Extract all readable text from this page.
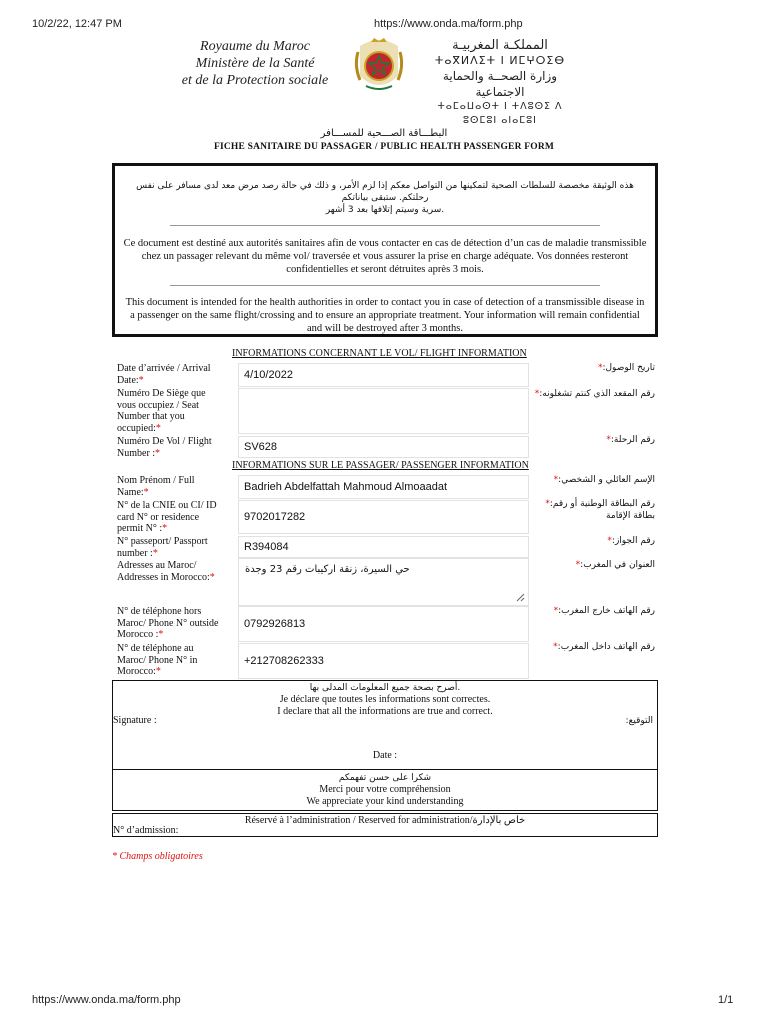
10/2/22, 12:47 PM	https://www.onda.ma/form.php
Royaume du Maroc
Ministère de la Santé
et de la Protection sociale
المملكـة المغربيـة
ⵜⴰⴳⵍⴷⵉⵜ ⵏ ⵍⵎⵖⵔⵉⴱ
وزارة الصحــة والحماية الاجتماعية
ⵜⴰⵎⴰⵡⴰⵙⵜ ⵏ ⵜⴷⵓⵙⵉ ⴷ ⵓⵙⵎⵓⵏ ⴰⵏⴰⵎⵓⵏ
البطـــاقة الصـــحية للمســـافر
FICHE SANITAIRE DU PASSAGER / PUBLIC HEALTH PASSENGER FORM

هذه الوثيقة مخصصة للسلطات الصحية لتمكينها من التواصل معكم إذا لزم الأمر، و ذلك في حالة رصد مرض معد لدى مسافر على نفس رحلتكم. ستبقى بياناتكم
.سرية وسيتم إتلافها بعد 3 أشهر

Ce document est destiné aux autorités sanitaires afin de vous contacter en cas de détection d’un cas de maladie transmissible
chez un passager relevant du même vol/ traversée et vous assurer la prise en charge adéquate. Vos données resteront
confidentielles et seront détruites après 3 mois.

This document is intended for the health authorities in order to contact you in case of detection of a transmissible disease in
a passenger on the same flight/crossing and to ensure an appropriate treatment. Your information will remain confidential
and will be destroyed after 3 months.

INFORMATIONS CONCERNANT LE VOL/ FLIGHT INFORMATION
Date d’arrivée / Arrival
Date:*	4/10/2022
تاريخ الوصول:*
Numéro De Siège que
vous occupiez / Seat
Number that you
occupied:*
رقم المقعد الذي كنتم تشغلونه:*
Numéro De Vol / Flight
Number :*	SV628
رقم الرحلة:*
INFORMATIONS SUR LE PASSAGER/ PASSENGER INFORMATION
Nom Prénom / Full
Name:*	Badrieh Abdelfattah Mahmoud Almoaadat
الإسم العائلي و الشخصي:*
N° de la CNIE ou CI/ ID
card N° or residence
permit N° :*
9702017282
رقم البطاقة الوطنية أو رقم:*
بطاقة الإقامة
N° passeport/ Passport
number :*	R394084	رقم الجواز:*
Adresses au Maroc/
Addresses in Morocco:*
حي السيرة، زنقة اركيبات رقم 23 وجدة	العنوان في المغرب:*
N° de téléphone hors
Maroc/ Phone N° outside
Morocco :*
0792926813
رقم الهاتف خارج المغرب:*
N° de téléphone au
Maroc/ Phone N° in
Morocco:*
+212708262333
رقم الهاتف داخل المغرب:*
.أصرح بصحة جميع المعلومات المدلى بها
Je déclare que toutes les informations sont correctes.
I declare that all the informations are true and correct.
Signature :	التوقيع:
Date :
شكرا على حسن تفهمكم
Merci pour votre compréhension
We appreciate your kind understanding
Réservé à l’administration / Reserved for administration/خاص بالإدارة
N° d’admission:
* Champs obligatoires
https://www.onda.ma/form.php	1/1
